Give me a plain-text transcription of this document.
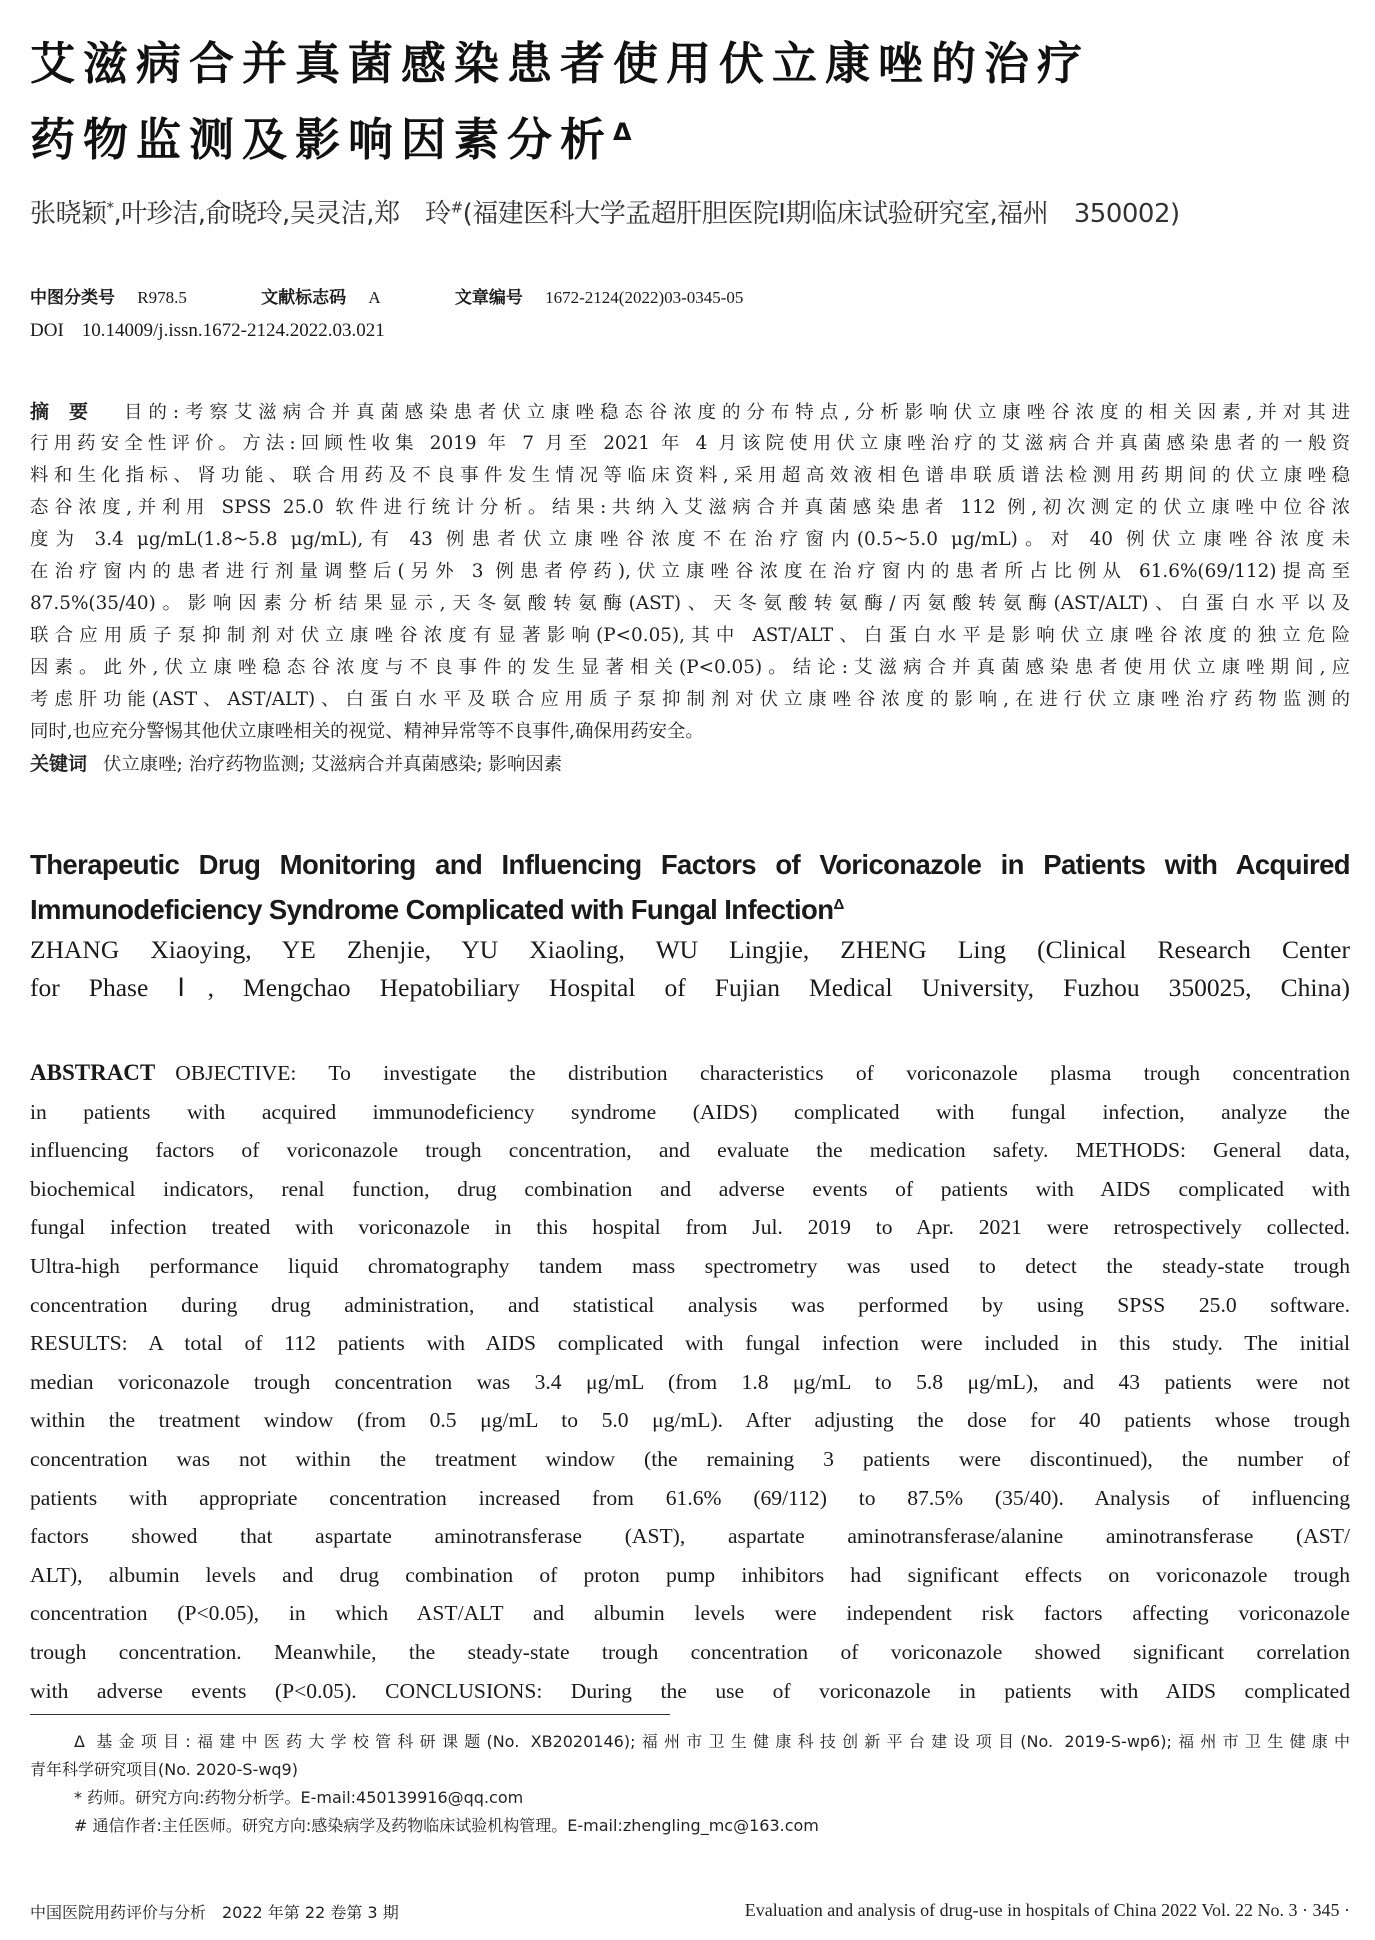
艾滋病合并真菌感染患者使用伏立康唑的治疗
药物监测及影响因素分析$^\Delta$
张晓颖*,叶珍洁,俞晓玲,吴灵洁,郑　玲#(福建医科大学孟超肝胆医院Ⅰ期临床试验研究室,福州　350002)
中图分类号 R978.5	文献标志码 A	文章编号 1672-2124(2022)03-0345-05
DOI 10.14009/j.issn.1672-2124.2022.03.021
摘要 目的:考察艾滋病合并真菌感染患者伏立康唑稳态谷浓度的分布特点,分析影响伏立康唑谷浓度的相关因素,并对其进
行用药安全性评价。方法:回顾性收集 2019 年 7 月至 2021 年 4 月该院使用伏立康唑治疗的艾滋病合并真菌感染患者的一般资
料和生化指标、肾功能、联合用药及不良事件发生情况等临床资料,采用超高效液相色谱串联质谱法检测用药期间的伏立康唑稳
态谷浓度,并利用 SPSS 25.0 软件进行统计分析。结果:共纳入艾滋病合并真菌感染患者 112 例,初次测定的伏立康唑中位谷浓
度为 3.4 μg/mL(1.8~5.8 μg/mL),有 43 例患者伏立康唑谷浓度不在治疗窗内(0.5~5.0 μg/mL)。对 40 例伏立康唑谷浓度未
在治疗窗内的患者进行剂量调整后(另外 3 例患者停药),伏立康唑谷浓度在治疗窗内的患者所占比例从 61.6%(69/112)提高至
87.5%(35/40)。影响因素分析结果显示,天冬氨酸转氨酶(AST)、天冬氨酸转氨酶/丙氨酸转氨酶(AST/ALT)、白蛋白水平以及
联合应用质子泵抑制剂对伏立康唑谷浓度有显著影响(P<0.05),其中 AST/ALT、白蛋白水平是影响伏立康唑谷浓度的独立危险
因素。此外,伏立康唑稳态谷浓度与不良事件的发生显著相关(P<0.05)。结论:艾滋病合并真菌感染患者使用伏立康唑期间,应
考虑肝功能(AST、AST/ALT)、白蛋白水平及联合应用质子泵抑制剂对伏立康唑谷浓度的影响,在进行伏立康唑治疗药物监测的
同时,也应充分警惕其他伏立康唑相关的视觉、精神异常等不良事件,确保用药安全。
关键词 伏立康唑; 治疗药物监测; 艾滋病合并真菌感染; 影响因素
Therapeutic Drug Monitoring and Influencing Factors of Voriconazole in Patients with Acquired
Immunodeficiency Syndrome Complicated with Fungal Infection$^\Delta$
ZHANG Xiaoying, YE Zhenjie, YU Xiaoling, WU Lingjie, ZHENG Ling (Clinical Research Center
for Phase Ⅰ, Mengchao Hepatobiliary Hospital of Fujian Medical University, Fuzhou 350025, China)
ABSTRACT OBJECTIVE: To investigate the distribution characteristics of voriconazole plasma trough concentration
in patients with acquired immunodeficiency syndrome (AIDS) complicated with fungal infection, analyze the
influencing factors of voriconazole trough concentration, and evaluate the medication safety. METHODS: General data,
biochemical indicators, renal function, drug combination and adverse events of patients with AIDS complicated with
fungal infection treated with voriconazole in this hospital from Jul. 2019 to Apr. 2021 were retrospectively collected.
Ultra-high performance liquid chromatography tandem mass spectrometry was used to detect the steady-state trough
concentration during drug administration, and statistical analysis was performed by using SPSS 25.0 software.
RESULTS: A total of 112 patients with AIDS complicated with fungal infection were included in this study. The initial
median voriconazole trough concentration was 3.4 μg/mL (from 1.8 μg/mL to 5.8 μg/mL), and 43 patients were not
within the treatment window (from 0.5 μg/mL to 5.0 μg/mL). After adjusting the dose for 40 patients whose trough
concentration was not within the treatment window (the remaining 3 patients were discontinued), the number of
patients with appropriate concentration increased from 61.6% (69/112) to 87.5% (35/40). Analysis of influencing
factors showed that aspartate aminotransferase (AST), aspartate aminotransferase/alanine aminotransferase (AST/
ALT), albumin levels and drug combination of proton pump inhibitors had significant effects on voriconazole trough
concentration (P<0.05), in which AST/ALT and albumin levels were independent risk factors affecting voriconazole
trough concentration. Meanwhile, the steady-state trough concentration of voriconazole showed significant correlation
with adverse events (P<0.05). CONCLUSIONS: During the use of voriconazole in patients with AIDS complicated
Δ 基金项目:福建中医药大学校管科研课题(No. XB2020146);福州市卫生健康科技创新平台建设项目(No. 2019-S-wp6);福州市卫生健康中
青年科学研究项目(No. 2020-S-wq9)
* 药师。研究方向:药物分析学。E-mail:450139916@qq.com
# 通信作者:主任医师。研究方向:感染病学及药物临床试验机构管理。E-mail:zhengling_mc@163.com
中国医院用药评价与分析　2022 年第 22 卷第 3 期	Evaluation and analysis of drug-use in hospitals of China 2022 Vol. 22 No. 3 · 345 ·
